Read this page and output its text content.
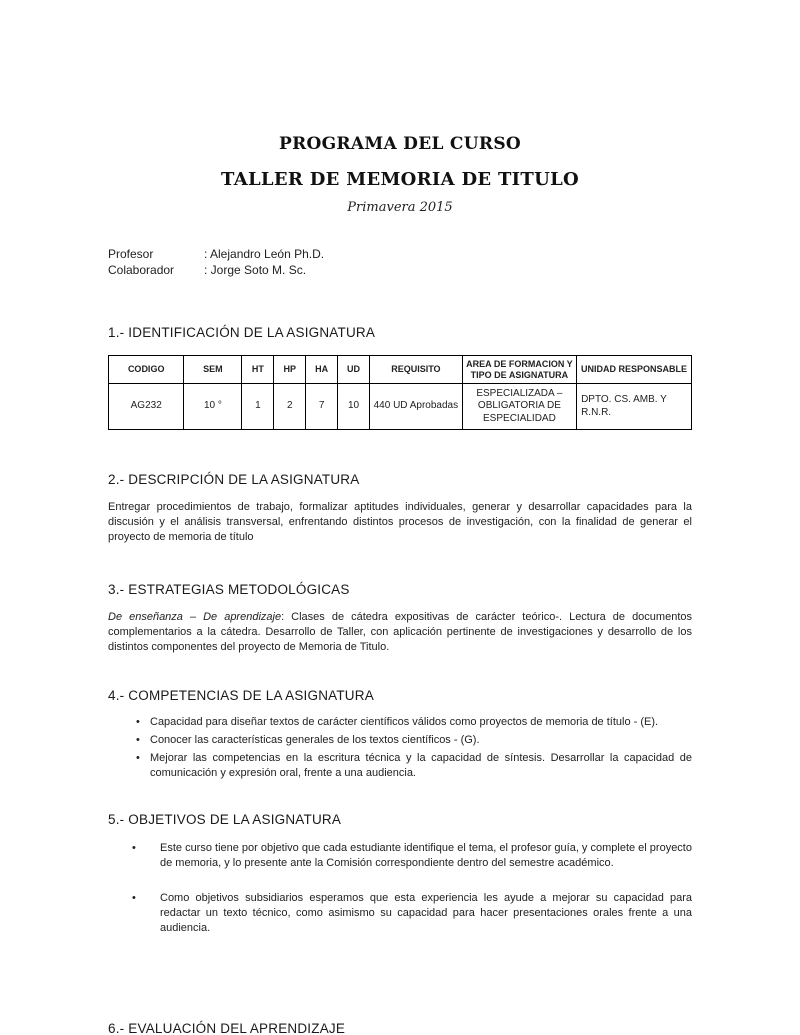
PROGRAMA DEL CURSO
TALLER DE MEMORIA DE TITULO
Primavera 2015
Profesor	: Alejandro León Ph.D.
Colaborador	: Jorge Soto M. Sc.
1.- IDENTIFICACIÓN DE LA ASIGNATURA
CODIGO	SEM	HT	HP	HA	UD	REQUISITO	AREA DE FORMACION Y TIPO DE ASIGNATURA	UNIDAD RESPONSABLE
AG232	10 °	1	2	7	10	440 UD Aprobadas	ESPECIALIZADA – OBLIGATORIA DE ESPECIALIDAD	DPTO. CS. AMB. Y R.N.R.
2.- DESCRIPCIÓN DE LA ASIGNATURA

Entregar procedimientos de trabajo, formalizar aptitudes individuales, generar y desarrollar capacidades para la discusión y el análisis transversal, enfrentando distintos procesos de investigación, con la finalidad de generar el proyecto de memoria de título

3.- ESTRATEGIAS METODOLÓGICAS

De enseñanza – De aprendizaje: Clases de cátedra expositivas de carácter teórico-. Lectura de documentos complementarios a la cátedra. Desarrollo de Taller, con aplicación pertinente de investigaciones y desarrollo de los distintos componentes del proyecto de Memoria de Titulo.

4.- COMPETENCIAS DE LA ASIGNATURA
• Capacidad para diseñar textos de carácter científicos válidos como proyectos de memoria de título - (E).
• Conocer las características generales de los textos científicos - (G).
• Mejorar las competencias en la escritura técnica y la capacidad de síntesis. Desarrollar la capacidad de comunicación y expresión oral, frente a una audiencia.
5.- OBJETIVOS DE LA ASIGNATURA
• Este curso tiene por objetivo que cada estudiante identifique el tema, el profesor guía, y complete el proyecto de memoria, y lo presente ante la Comisión correspondiente dentro del semestre académico.
• Como objetivos subsidiarios esperamos que esta experiencia les ayude a mejorar su capacidad para redactar un texto técnico, como asimismo su capacidad para hacer presentaciones orales frente a una audiencia.
6.- EVALUACIÓN DEL APRENDIZAJE
